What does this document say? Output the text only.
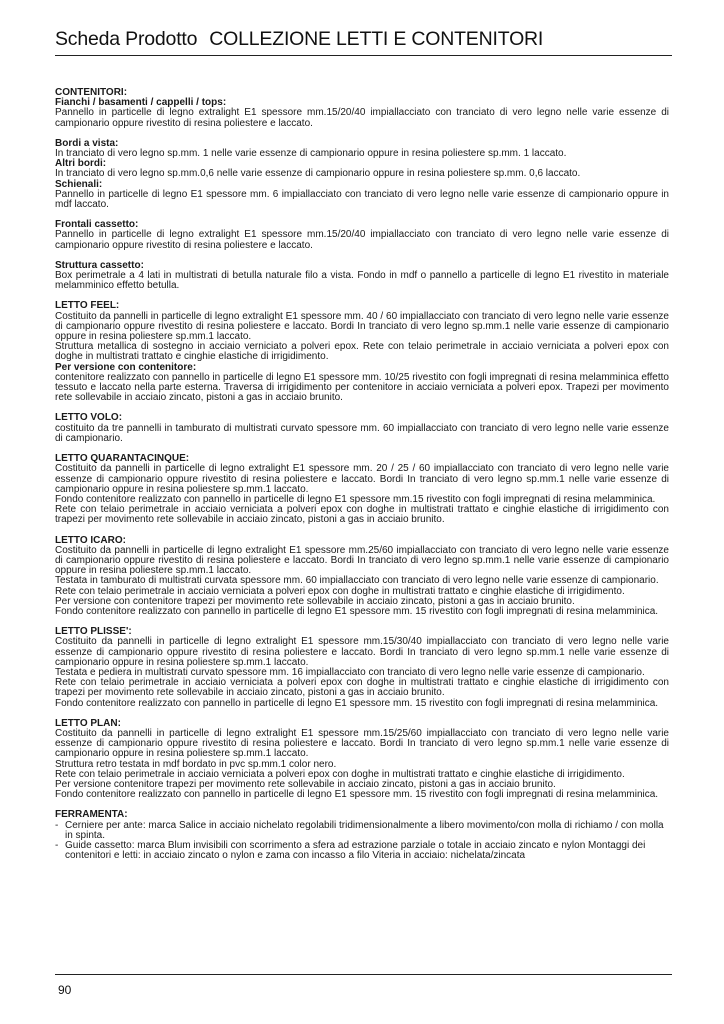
Scheda Prodotto COLLEZIONE LETTI E CONTENITORI
CONTENITORI:
Fianchi / basamenti / cappelli / tops:
Pannello in particelle di legno extralight E1 spessore mm.15/20/40 impiallacciato con tranciato di vero legno nelle varie essenze di campionario oppure rivestito di resina poliestere e laccato.
Bordi a vista:
In tranciato di vero legno sp.mm. 1 nelle varie essenze di campionario oppure in resina poliestere sp.mm. 1 laccato.
Altri bordi:
In tranciato di vero legno sp.mm.0,6 nelle varie essenze di campionario oppure in resina poliestere sp.mm. 0,6 laccato.
Schienali:
Pannello in particelle di legno E1 spessore mm. 6 impiallacciato con tranciato di vero legno nelle varie essenze di campionario oppure in mdf laccato.
Frontali cassetto:
Pannello in particelle di legno extralight E1 spessore mm.15/20/40 impiallacciato con tranciato di vero legno nelle varie essenze di campionario oppure rivestito di resina poliestere e laccato.
Struttura cassetto:
Box perimetrale a 4 lati in multistrati di betulla naturale filo a vista. Fondo in mdf o pannello a particelle di legno E1 rivestito in materiale melamminico effetto betulla.
LETTO FEEL:
Costituito da pannelli in particelle di legno extralight E1 spessore mm. 40 / 60 impiallacciato con tranciato di vero legno nelle varie essenze di campionario oppure rivestito di resina poliestere e laccato. Bordi In tranciato di vero legno sp.mm.1 nelle varie essenze di campionario oppure in resina poliestere sp.mm.1 laccato.
Struttura metallica di sostegno in acciaio verniciato a polveri epox. Rete con telaio perimetrale in acciaio verniciata a polveri epox con doghe in multistrati trattato e cinghie elastiche di irrigidimento.
Per versione con contenitore:
contenitore realizzato con pannello in particelle di legno E1 spessore mm. 10/25 rivestito con fogli impregnati di resina melamminica effetto tessuto e laccato nella parte esterna. Traversa di irrigidimento per contenitore in acciaio verniciata a polveri epox. Trapezi per movimento rete sollevabile in acciaio zincato, pistoni a gas in acciaio brunito.
LETTO VOLO:
costituito da tre pannelli in tamburato di multistrati curvato spessore mm. 60 impiallacciato con tranciato di vero legno nelle varie essenze di campionario.
LETTO QUARANTACINQUE:
Costituito da pannelli in particelle di legno extralight E1 spessore mm. 20 / 25 / 60 impiallacciato con tranciato di vero legno nelle varie essenze di campionario oppure rivestito di resina poliestere e laccato. Bordi In tranciato di vero legno sp.mm.1 nelle varie essenze di campionario oppure in resina poliestere sp.mm.1 laccato.
Fondo contenitore realizzato con pannello in particelle di legno E1 spessore mm.15 rivestito con fogli impregnati di resina melamminica.
Rete con telaio perimetrale in acciaio verniciata a polveri epox con doghe in multistrati trattato e cinghie elastiche di irrigidimento con trapezi per movimento rete sollevabile in acciaio zincato, pistoni a gas in acciaio brunito.
LETTO ICARO:
Costituito da pannelli in particelle di legno extralight E1 spessore mm.25/60 impiallacciato con tranciato di vero legno nelle varie essenze di campionario oppure rivestito di resina poliestere e laccato. Bordi In tranciato di vero legno sp.mm.1 nelle varie essenze di campionario oppure in resina poliestere sp.mm.1 laccato.
Testata in tamburato di multistrati curvata spessore mm. 60 impiallacciato con tranciato di vero legno nelle varie essenze di campionario.
Rete con telaio perimetrale in acciaio verniciata a polveri epox con doghe in multistrati trattato e cinghie elastiche di irrigidimento.
Per versione con contenitore trapezi per movimento rete sollevabile in acciaio zincato, pistoni a gas in acciaio brunito.
Fondo contenitore realizzato con pannello in particelle di legno E1 spessore mm. 15 rivestito con fogli impregnati di resina melamminica.
LETTO PLISSE':
Costituito da pannelli in particelle di legno extralight E1 spessore mm.15/30/40 impiallacciato con tranciato di vero legno nelle varie essenze di campionario oppure rivestito di resina poliestere e laccato. Bordi In tranciato di vero legno sp.mm.1 nelle varie essenze di campionario oppure in resina poliestere sp.mm.1 laccato.
Testata e pediera in multistrati curvato spessore mm. 16 impiallacciato con tranciato di vero legno nelle varie essenze di campionario.
Rete con telaio perimetrale in acciaio verniciata a polveri epox con doghe in multistrati trattato e cinghie elastiche di irrigidimento con trapezi per movimento rete sollevabile in acciaio zincato, pistoni a gas in acciaio brunito.
Fondo contenitore realizzato con pannello in particelle di legno E1 spessore mm. 15 rivestito con fogli impregnati di resina melamminica.
LETTO PLAN:
Costituito da pannelli in particelle di legno extralight E1 spessore mm.15/25/60 impiallacciato con tranciato di vero legno nelle varie essenze di campionario oppure rivestito di resina poliestere e laccato. Bordi In tranciato di vero legno sp.mm.1 nelle varie essenze di campionario oppure in resina poliestere sp.mm.1 laccato.
Struttura retro testata in mdf bordato in pvc sp.mm.1 color nero.
Rete con telaio perimetrale in acciaio verniciata a polveri epox con doghe in multistrati trattato e cinghie elastiche di irrigidimento.
Per versione contenitore trapezi per movimento rete sollevabile in acciaio zincato, pistoni a gas in acciaio brunito.
Fondo contenitore realizzato con pannello in particelle di legno E1 spessore mm. 15 rivestito con fogli impregnati di resina melamminica.
FERRAMENTA:
- Cerniere per ante: marca Salice in acciaio nichelato regolabili tridimensionalmente a libero movimento/con molla di richiamo / con molla in spinta.
- Guide cassetto: marca Blum invisibili con scorrimento a sfera ad estrazione parziale o totale in acciaio zincato e nylon Montaggi dei contenitori e letti: in acciaio zincato o nylon e zama con incasso a filo Viteria in acciaio: nichelata/zincata
90
